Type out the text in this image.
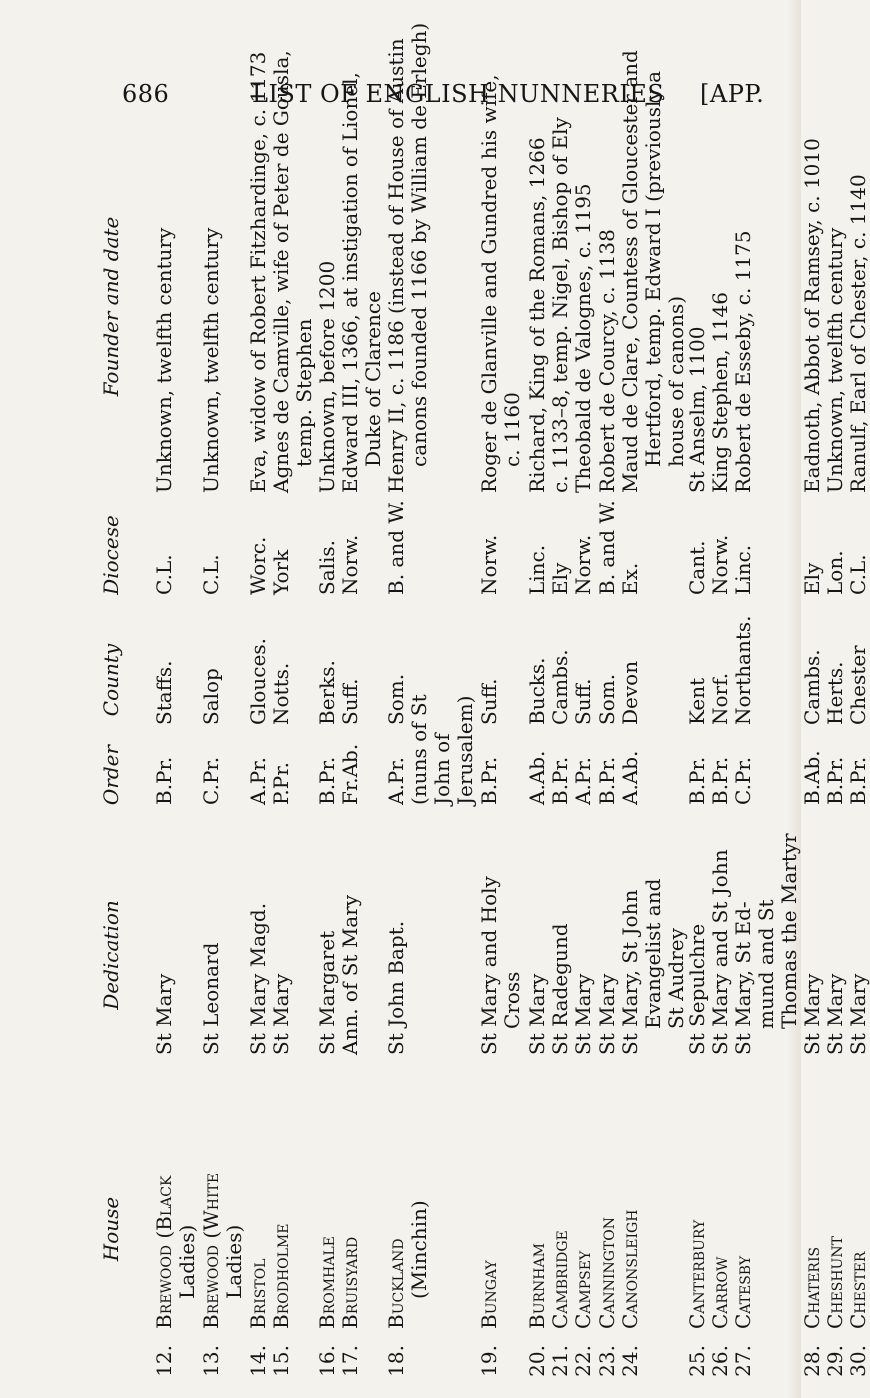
686	LIST OF ENGLISH NUNNERIES [APP.
House
Dedication
Order
County
Diocese
Founder and date
12.
Brewood (Black Ladies)
St Mary
B.Pr.
Staffs.
C.L.
Unknown, twelfth century
13.
Brewood (White Ladies)
St Leonard
C.Pr.
Salop
C.L.
Unknown, twelfth century
14.
Bristol
St Mary Magd.
A.Pr.
Glouces.
Worc.
Eva, widow of Robert Fitzhardinge, c. 1173
15.
Brodholme
St Mary
P.Pr.
Notts.
York
Agnes de Camville, wife of Peter de Gousla, temp. Stephen
16.
Bromhale
St Margaret
B.Pr.
Berks.
Salis.
Unknown, before 1200
17.
Bruisyard
Ann. of St Mary
Fr.Ab.
Suff.
Norw.
Edward III, 1366, at instigation of Lionel, Duke of Clarence
18.
Buckland (Minchin)
St John Bapt.
A.Pr. (nuns of St John of Jerusalem)
Som.
B. and W.
Henry II, c. 1186 (instead of House of Austin canons founded 1166 by William de Erlegh)
19.
Bungay
St Mary and Holy Cross
B.Pr.
Suff.
Norw.
Roger de Glanville and Gundred his wife, c. 1160
20.
Burnham
St Mary
A.Ab.
Bucks.
Linc.
Richard, King of the Romans, 1266
21.
Cambridge
St Radegund
B.Pr.
Cambs.
Ely
c. 1133–8, temp. Nigel, Bishop of Ely
22.
Campsey
St Mary
A.Pr.
Suff.
Norw.
Theobald de Valognes, c. 1195
23.
Cannington
St Mary
B.Pr.
Som.
B. and W.
Robert de Courcy, c. 1138
24.
Canonsleigh
St Mary, St John Evangelist and St Audrey
A.Ab.
Devon
Ex.
Maud de Clare, Countess of Gloucester and Hertford, temp. Edward I (previously a house of canons)
25.
Canterbury
St Sepulchre
B.Pr.
Kent
Cant.
St Anselm, 1100
26.
Carrow
St Mary and St John
B.Pr.
Norf.
Norw.
King Stephen, 1146
27.
Catesby
St Mary, St Ed- mund and St Thomas the Martyr
C.Pr.
Northants.
Linc.
Robert de Esseby, c. 1175
28.
Chateris
St Mary
B.Ab.
Cambs.
Ely
Eadnoth, Abbot of Ramsey, c. 1010
29.
Cheshunt
St Mary
B.Pr.
Herts.
Lon.
Unknown, twelfth century
30.
Chester
St Mary
B.Pr.
Chester
C.L.
Ranulf, Earl of Chester, c. 1140
